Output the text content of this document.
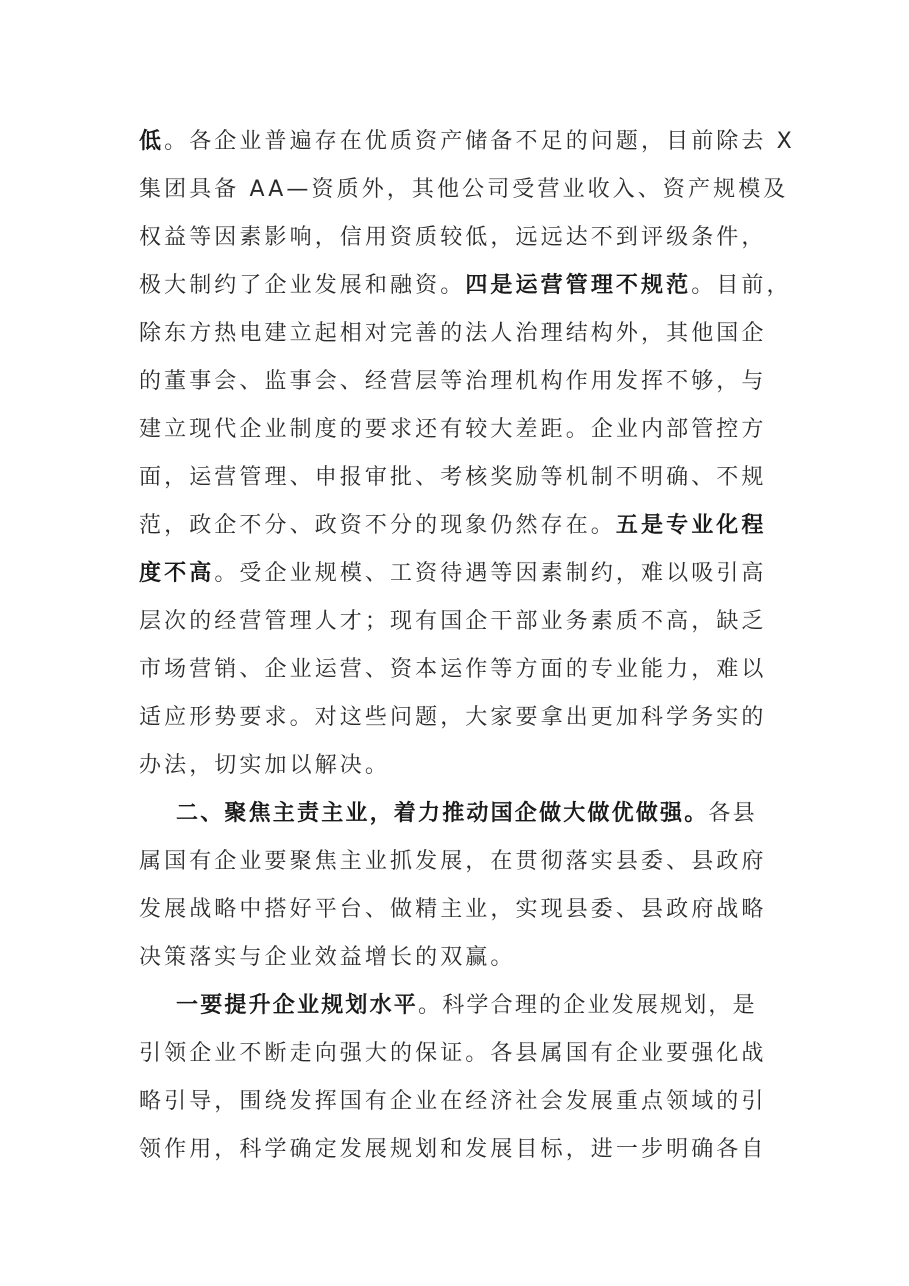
低。各企业普遍存在优质资产储备不足的问题，目前除去 X
集团具备 AA—资质外，其他公司受营业收入、资产规模及
权益等因素影响，信用资质较低，远远达不到评级条件，
极大制约了企业发展和融资。四是运营管理不规范。目前，
除东方热电建立起相对完善的法人治理结构外，其他国企
的董事会、监事会、经营层等治理机构作用发挥不够，与
建立现代企业制度的要求还有较大差距。企业内部管控方
面，运营管理、申报审批、考核奖励等机制不明确、不规
范，政企不分、政资不分的现象仍然存在。五是专业化程
度不高。受企业规模、工资待遇等因素制约，难以吸引高
层次的经营管理人才；现有国企干部业务素质不高，缺乏
市场营销、企业运营、资本运作等方面的专业能力，难以
适应形势要求。对这些问题，大家要拿出更加科学务实的
办法，切实加以解决。
二、聚焦主责主业，着力推动国企做大做优做强。各县
属国有企业要聚焦主业抓发展，在贯彻落实县委、县政府
发展战略中搭好平台、做精主业，实现县委、县政府战略
决策落实与企业效益增长的双赢。
一要提升企业规划水平。科学合理的企业发展规划，是
引领企业不断走向强大的保证。各县属国有企业要强化战
略引导，围绕发挥国有企业在经济社会发展重点领域的引
领作用，科学确定发展规划和发展目标，进一步明确各自
